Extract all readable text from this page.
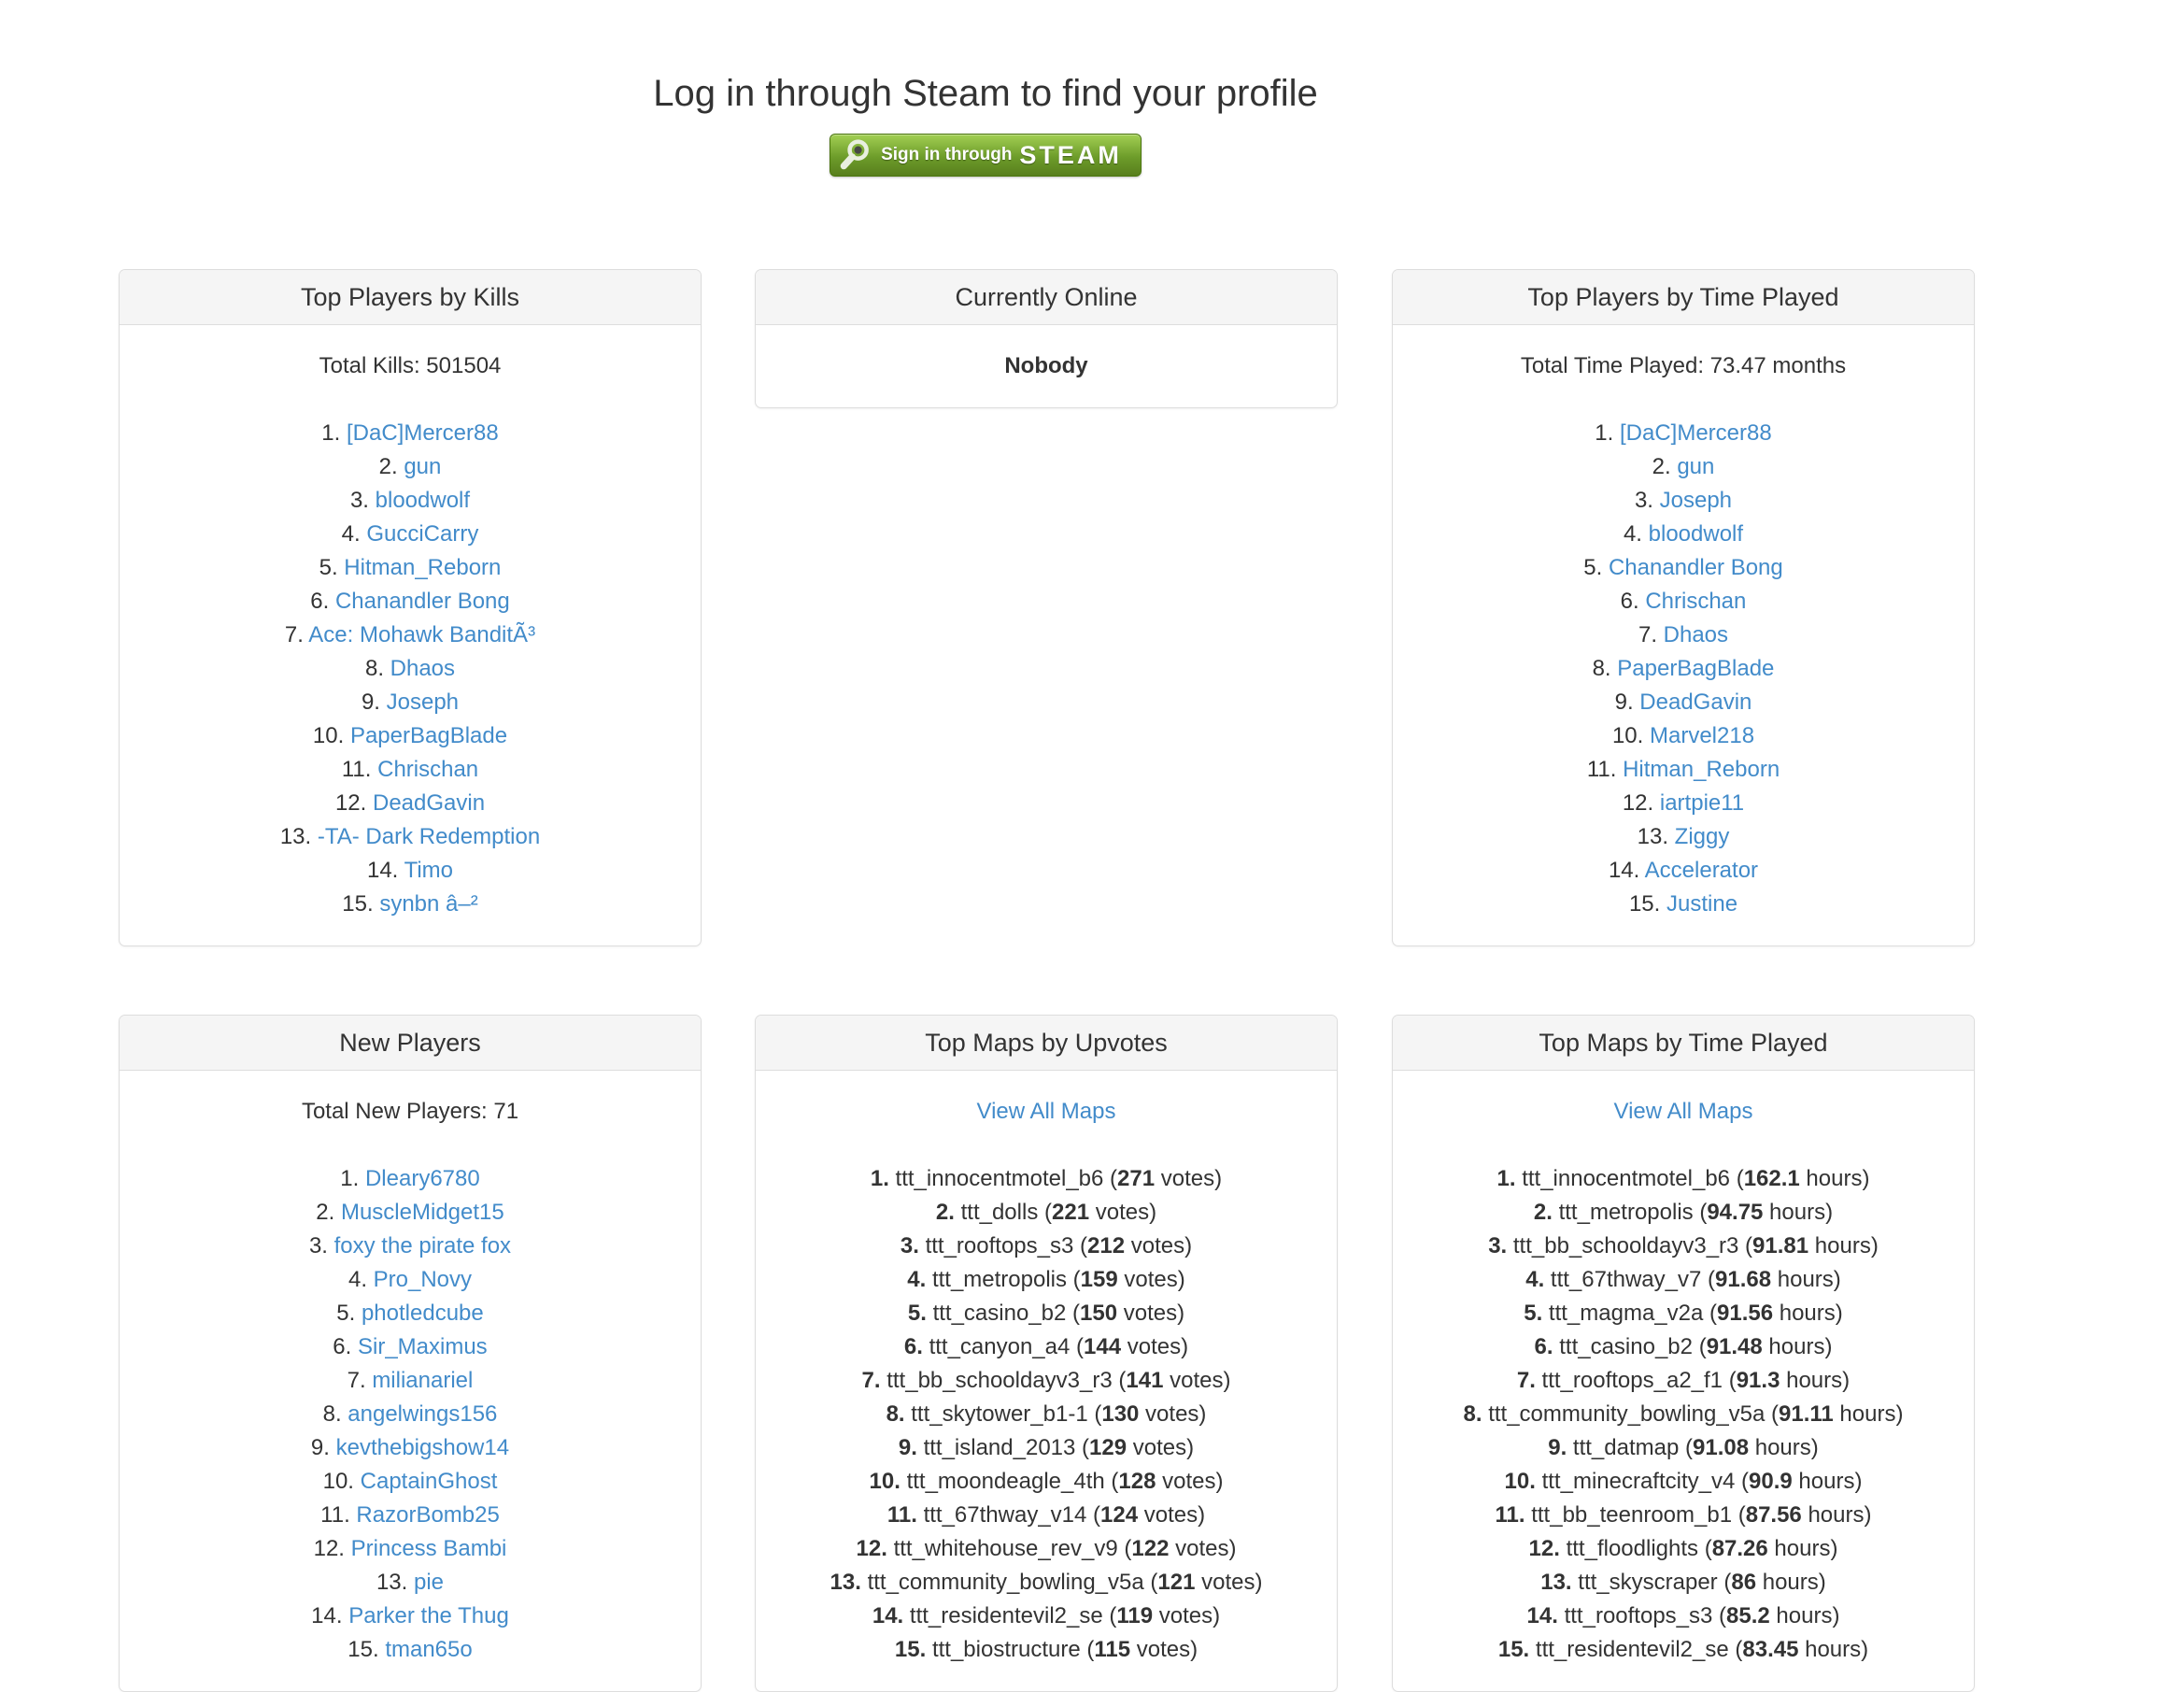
Log in through Steam to find your profile
Sign in through STEAM
Top Players by Kills
Total Kills: 501504
1. [DaC]Mercer88
2. gun
3. bloodwolf
4. GucciCarry
5. Hitman_Reborn
6. Chanandler Bong
7. Ace: Mohawk BanditÃ³
8. Dhaos
9. Joseph
10. PaperBagBlade
11. Chrischan
12. DeadGavin
13. -TA- Dark Redemption
14. Timo
15. synbn â–²
Currently Online
Nobody
Top Players by Time Played
Total Time Played: 73.47 months
1. [DaC]Mercer88
2. gun
3. Joseph
4. bloodwolf
5. Chanandler Bong
6. Chrischan
7. Dhaos
8. PaperBagBlade
9. DeadGavin
10. Marvel218
11. Hitman_Reborn
12. iartpie11
13. Ziggy
14. Accelerator
15. Justine
New Players
Total New Players: 71
1. Dleary6780
2. MuscleMidget15
3. foxy the pirate fox
4. Pro_Novy
5. photledcube
6. Sir_Maximus
7. milianariel
8. angelwings156
9. kevthebigshow14
10. CaptainGhost
11. RazorBomb25
12. Princess Bambi
13. pie
14. Parker the Thug
15. tman65o
Top Maps by Upvotes
View All Maps
1. ttt_innocentmotel_b6 (271 votes)
2. ttt_dolls (221 votes)
3. ttt_rooftops_s3 (212 votes)
4. ttt_metropolis (159 votes)
5. ttt_casino_b2 (150 votes)
6. ttt_canyon_a4 (144 votes)
7. ttt_bb_schooldayv3_r3 (141 votes)
8. ttt_skytower_b1-1 (130 votes)
9. ttt_island_2013 (129 votes)
10. ttt_moondeagle_4th (128 votes)
11. ttt_67thway_v14 (124 votes)
12. ttt_whitehouse_rev_v9 (122 votes)
13. ttt_community_bowling_v5a (121 votes)
14. ttt_residentevil2_se (119 votes)
15. ttt_biostructure (115 votes)
Top Maps by Time Played
View All Maps
1. ttt_innocentmotel_b6 (162.1 hours)
2. ttt_metropolis (94.75 hours)
3. ttt_bb_schooldayv3_r3 (91.81 hours)
4. ttt_67thway_v7 (91.68 hours)
5. ttt_magma_v2a (91.56 hours)
6. ttt_casino_b2 (91.48 hours)
7. ttt_rooftops_a2_f1 (91.3 hours)
8. ttt_community_bowling_v5a (91.11 hours)
9. ttt_datmap (91.08 hours)
10. ttt_minecraftcity_v4 (90.9 hours)
11. ttt_bb_teenroom_b1 (87.56 hours)
12. ttt_floodlights (87.26 hours)
13. ttt_skyscraper (86 hours)
14. ttt_rooftops_s3 (85.2 hours)
15. ttt_residentevil2_se (83.45 hours)
